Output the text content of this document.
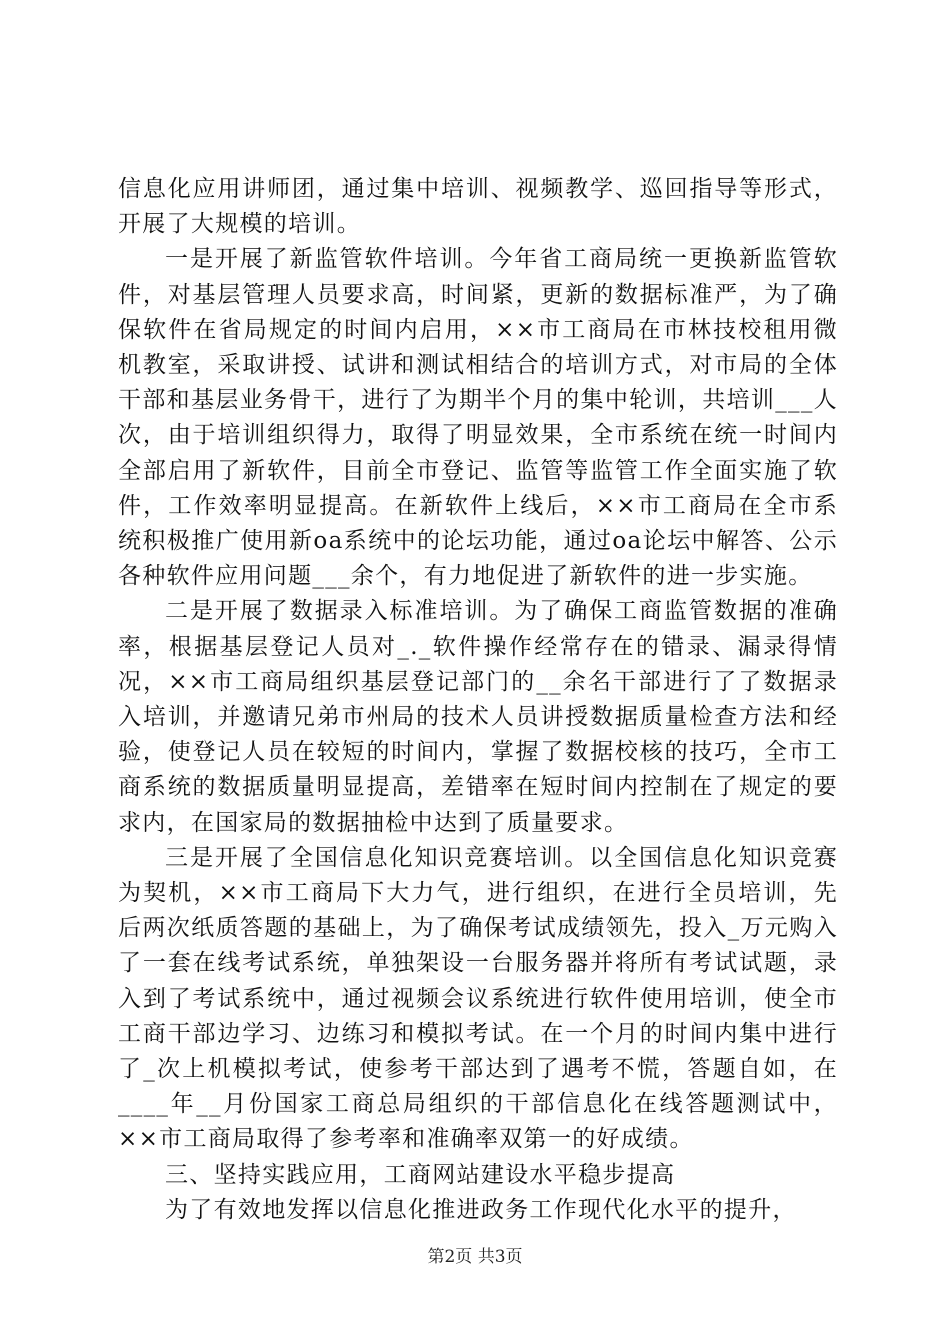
信息化应用讲师团，通过集中培训、视频教学、巡回指导等形式，开展了大规模的培训。

一是开展了新监管软件培训。今年省工商局统一更换新监管软件，对基层管理人员要求高，时间紧，更新的数据标准严，为了确保软件在省局规定的时间内启用，××市工商局在市林技校租用微机教室，采取讲授、试讲和测试相结合的培训方式，对市局的全体干部和基层业务骨干，进行了为期半个月的集中轮训，共培训___人次，由于培训组织得力，取得了明显效果，全市系统在统一时间内全部启用了新软件，目前全市登记、监管等监管工作全面实施了软件，工作效率明显提高。在新软件上线后，××市工商局在全市系统积极推广使用新oa系统中的论坛功能，通过oa论坛中解答、公示各种软件应用问题___余个，有力地促进了新软件的进一步实施。

二是开展了数据录入标准培训。为了确保工商监管数据的准确率，根据基层登记人员对_._软件操作经常存在的错录、漏录得情况，××市工商局组织基层登记部门的__余名干部进行了了数据录入培训，并邀请兄弟市州局的技术人员讲授数据质量检查方法和经验，使登记人员在较短的时间内，掌握了数据校核的技巧，全市工商系统的数据质量明显提高，差错率在短时间内控制在了规定的要求内，在国家局的数据抽检中达到了质量要求。

三是开展了全国信息化知识竞赛培训。以全国信息化知识竞赛为契机，××市工商局下大力气，进行组织，在进行全员培训，先后两次纸质答题的基础上，为了确保考试成绩领先，投入_万元购入了一套在线考试系统，单独架设一台服务器并将所有考试试题，录入到了考试系统中，通过视频会议系统进行软件使用培训，使全市工商干部边学习、边练习和模拟考试。在一个月的时间内集中进行了_次上机模拟考试，使参考干部达到了遇考不慌，答题自如，在____年__月份国家工商总局组织的干部信息化在线答题测试中，××市工商局取得了参考率和准确率双第一的好成绩。

三、坚持实践应用，工商网站建设水平稳步提高

为了有效地发挥以信息化推进政务工作现代化水平的提升，

第2页 共3页
